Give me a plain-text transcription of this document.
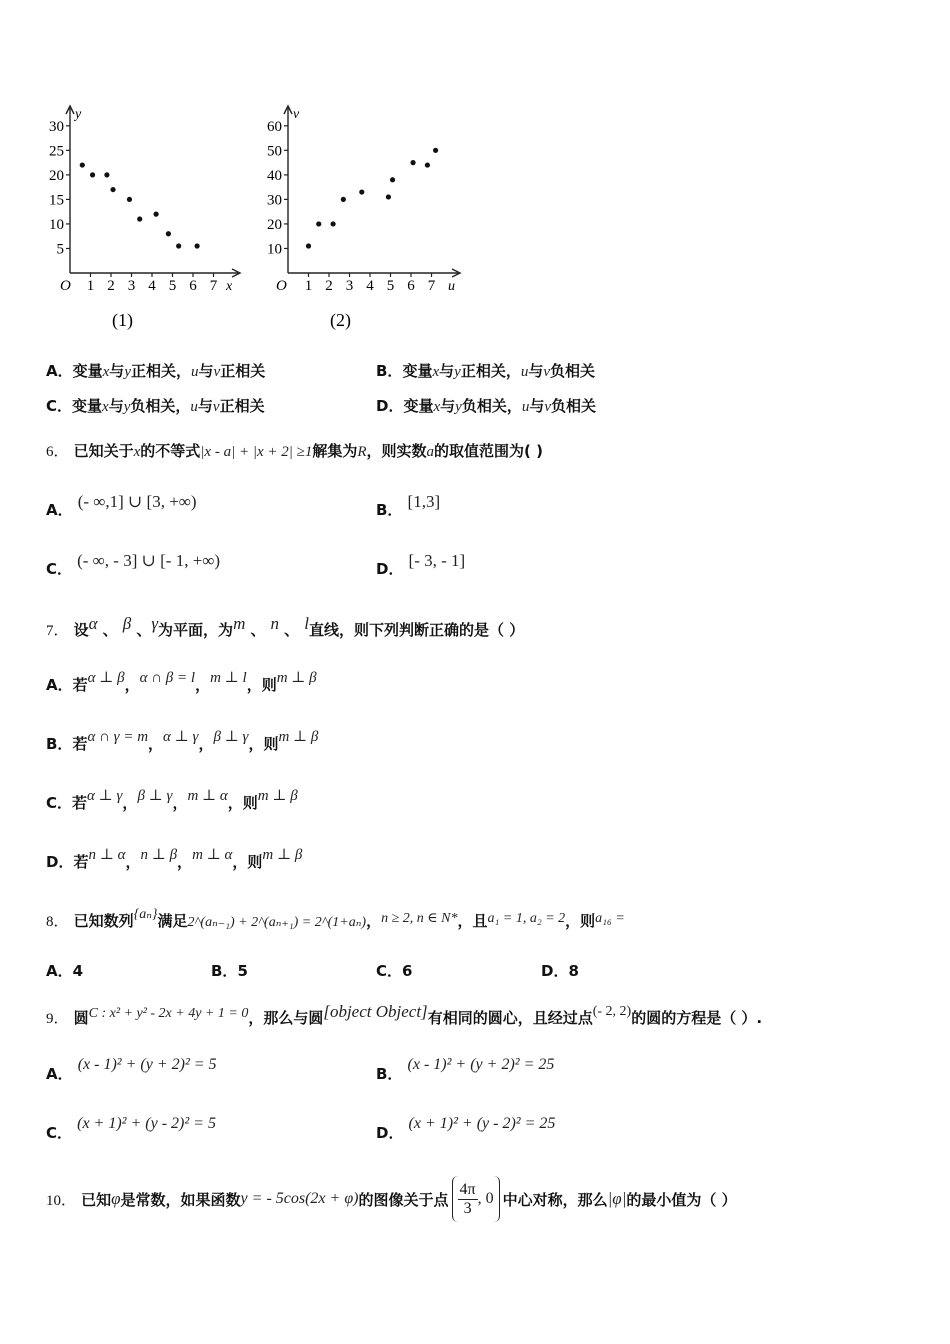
30
25
20
15
10
5
1 2 3 4 5 6 7
y
x
O
(1)
60
50
40
30
20
10
1 2 3 4 5 6 7
v
u
O
(2)
A．变量x与y正相关，u与v正相关	B．变量x与y正相关，u与v负相关
C．变量x与y负相关，u与v正相关	D．变量x与y负相关，u与v负相关
6． 已知关于x的不等式|x - a| + |x + 2| ≥1解集为R，则实数a的取值范围为( )
A． (- ∞,1] ∪ [3, +∞)	B． [1,3]
C． (- ∞, - 3] ∪ [- 1, +∞)	D． [- 3, - 1]
7． 设α 、 β 、γ为平面，为m 、 n 、 l直线，则下列判断正确的是（ ）
A．若α ⊥ β，α ∩ β = l，m ⊥ l，则m ⊥ β
B．若α ∩ γ = m，α ⊥ γ，β ⊥ γ，则m ⊥ β
C．若α ⊥ γ，β ⊥ γ，m ⊥ α，则m ⊥ β
D．若n ⊥ α，n ⊥ β，m ⊥ α，则m ⊥ β
8． 已知数列{aₙ}满足2^(aₙ₋₁) + 2^(aₙ₊₁) = 2^(1+aₙ)，n ≥ 2, n ∈ N*，且a₁ = 1, a₂ = 2，则a₁₆ =
A．4	B．5	C．6	D．8
9． 圆C : x² + y² - 2x + 4y + 1 = 0，那么与圆[object Object]有相同的圆心，且经过点(- 2, 2)的圆的方程是（ ）.
A． (x - 1)² + (y + 2)² = 5
B． (x - 1)² + (y + 2)² = 25
C． (x + 1)² + (y - 2)² = 5
D． (x + 1)² + (y - 2)² = 25
10．
已知 φ 是常数，如果函数 y = - 5cos(2x + φ) 的图像关于点
4π
3
, 0 中心对称，那么 |φ| 的最小值为（ ）
